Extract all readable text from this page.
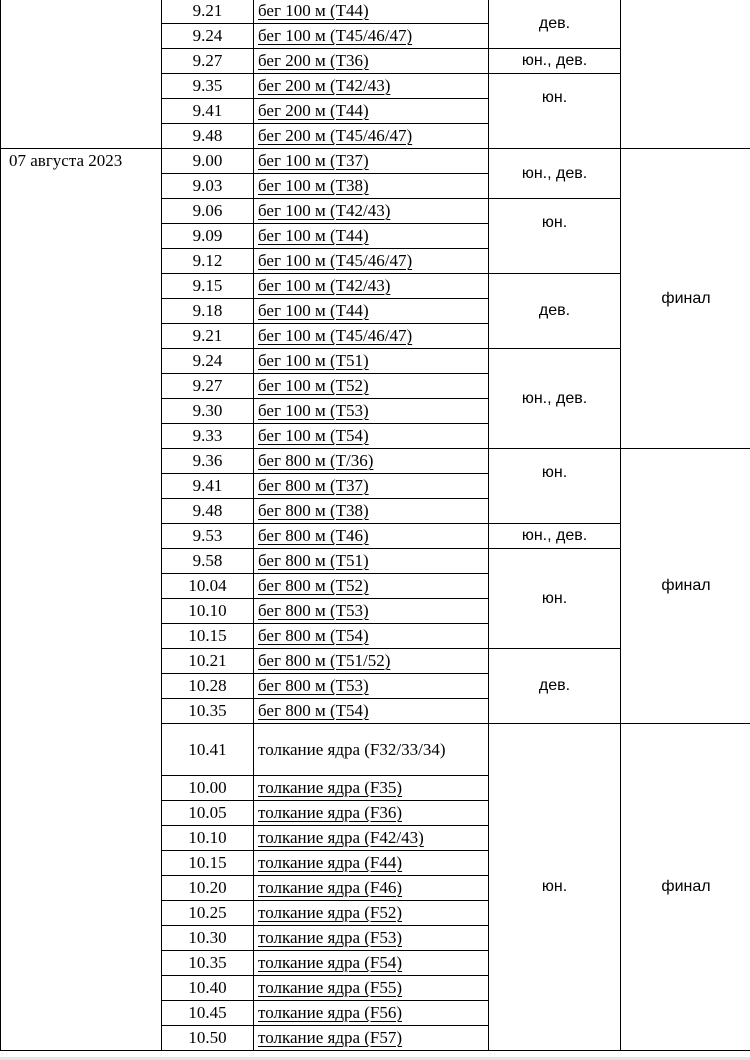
	9.21	бег 100 м (Т44)	дев.	
	9.24	бег 100 м (Т45/46/47)		
	9.27	бег 200 м (Т36)	юн., дев.	
	9.35	бег 200 м (Т42/43)	юн.	
	9.41	бег 200 м (Т44)		
	9.48	бег 200 м (Т45/46/47)		
07 августа 2023	9.00	бег 100 м (Т37)	юн., дев.	финал
	9.03	бег 100 м (Т38)		
	9.06	бег 100 м (Т42/43)	юн.	
	9.09	бег 100 м (Т44)		
	9.12	бег 100 м (Т45/46/47)		
	9.15	бег 100 м (Т42/43)	дев.	
	9.18	бег 100 м (Т44)		
	9.21	бег 100 м (Т45/46/47)		
	9.24	бег 100 м (Т51)	юн., дев.	
	9.27	бег 100 м (Т52)		
	9.30	бег 100 м (Т53)		
	9.33	бег 100 м (Т54)		
	9.36	бег 800 м (Т/36)	юн.	финал
	9.41	бег 800 м (Т37)		
	9.48	бег 800 м (Т38)		
	9.53	бег 800 м (Т46)	юн., дев.	
	9.58	бег 800 м (Т51)	юн.	
	10.04	бег 800 м (Т52)		
	10.10	бег 800 м (Т53)		
	10.15	бег 800 м (Т54)		
	10.21	бег 800 м (Т51/52)	дев.	
	10.28	бег 800 м (Т53)		
	10.35	бег 800 м (Т54)		
	10.41	толкание ядра (F32/33/34)	юн.	финал
	10.00	толкание ядра (F35)		
	10.05	толкание ядра (F36)		
	10.10	толкание ядра (F42/43)		
	10.15	толкание ядра (F44)		
	10.20	толкание ядра (F46)		
	10.25	толкание ядра (F52)		
	10.30	толкание ядра (F53)		
	10.35	толкание ядра (F54)		
	10.40	толкание ядра (F55)		
	10.45	толкание ядра (F56)		
	10.50	толкание ядра (F57)		
